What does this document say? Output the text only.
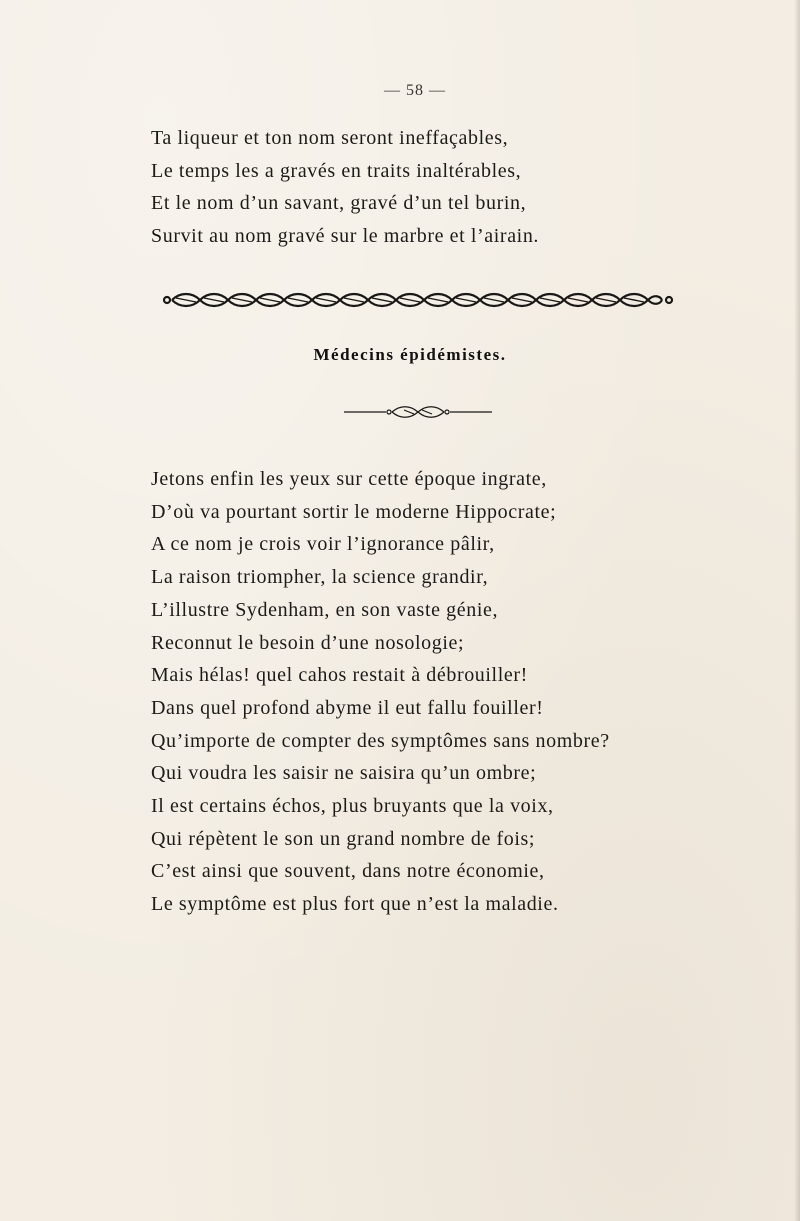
— 58 —
Ta liqueur et ton nom seront ineffaçables,
Le temps les a gravés en traits inaltérables,
Et le nom d’un savant, gravé d’un tel burin,
Survit au nom gravé sur le marbre et l’airain.
Médecins épidémistes.
Jetons enfin les yeux sur cette époque ingrate,
D’où va pourtant sortir le moderne Hippocrate;
A ce nom je crois voir l’ignorance pâlir,
La raison triompher, la science grandir,
L’illustre Sydenham, en son vaste génie,
Reconnut le besoin d’une nosologie;
Mais hélas! quel cahos restait à débrouiller!
Dans quel profond abyme il eut fallu fouiller!
Qu’importe de compter des symptômes sans nombre?
Qui voudra les saisir ne saisira qu’un ombre;
Il est certains échos, plus bruyants que la voix,
Qui répètent le son un grand nombre de fois;
C’est ainsi que souvent, dans notre économie,
Le symptôme est plus fort que n’est la maladie.
